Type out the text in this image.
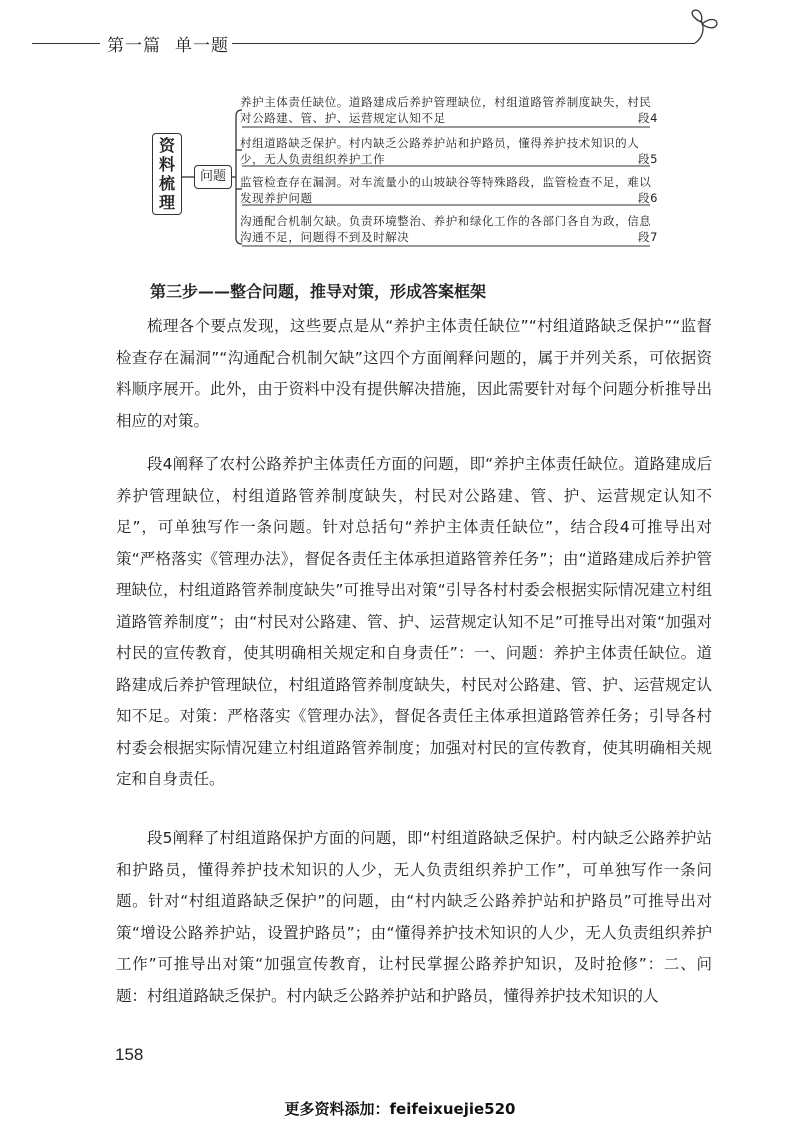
第一篇 单一题
资料梳理
问题
养护主体责任缺位。道路建成后养护管理缺位，村组道路管养制度缺失，村民对公路建、管、护、运营规定认知不足	段4
村组道路缺乏保护。村内缺乏公路养护站和护路员，懂得养护技术知识的人少，无人负责组织养护工作	段5
监管检查存在漏洞。对车流量小的山坡缺谷等特殊路段，监管检查不足，难以发现养护问题	段6
沟通配合机制欠缺。负责环境整治、养护和绿化工作的各部门各自为政，信息沟通不足，问题得不到及时解决	段7
第三步——整合问题，推导对策，形成答案框架

梳理各个要点发现，这些要点是从“养护主体责任缺位”“村组道路缺乏保护”“监督检查存在漏洞”“沟通配合机制欠缺”这四个方面阐释问题的，属于并列关系，可依据资料顺序展开。此外，由于资料中没有提供解决措施，因此需要针对每个问题分析推导出相应的对策。

段4阐释了农村公路养护主体责任方面的问题，即“养护主体责任缺位。道路建成后养护管理缺位，村组道路管养制度缺失，村民对公路建、管、护、运营规定认知不足”，可单独写作一条问题。针对总括句“养护主体责任缺位”，结合段4可推导出对策“严格落实《管理办法》，督促各责任主体承担道路管养任务”；由“道路建成后养护管理缺位，村组道路管养制度缺失”可推导出对策“引导各村村委会根据实际情况建立村组道路管养制度”；由“村民对公路建、管、护、运营规定认知不足”可推导出对策“加强对村民的宣传教育，使其明确相关规定和自身责任”：一、问题：养护主体责任缺位。道路建成后养护管理缺位，村组道路管养制度缺失，村民对公路建、管、护、运营规定认知不足。对策：严格落实《管理办法》，督促各责任主体承担道路管养任务；引导各村村委会根据实际情况建立村组道路管养制度；加强对村民的宣传教育，使其明确相关规定和自身责任。

段5阐释了村组道路保护方面的问题，即“村组道路缺乏保护。村内缺乏公路养护站和护路员，懂得养护技术知识的人少，无人负责组织养护工作”，可单独写作一条问题。针对“村组道路缺乏保护”的问题，由“村内缺乏公路养护站和护路员”可推导出对策“增设公路养护站，设置护路员”；由“懂得养护技术知识的人少，无人负责组织养护工作”可推导出对策“加强宣传教育，让村民掌握公路养护知识，及时抢修”：二、问题：村组道路缺乏保护。村内缺乏公路养护站和护路员，懂得养护技术知识的人

158
更多资料添加：feifeixuejie520
